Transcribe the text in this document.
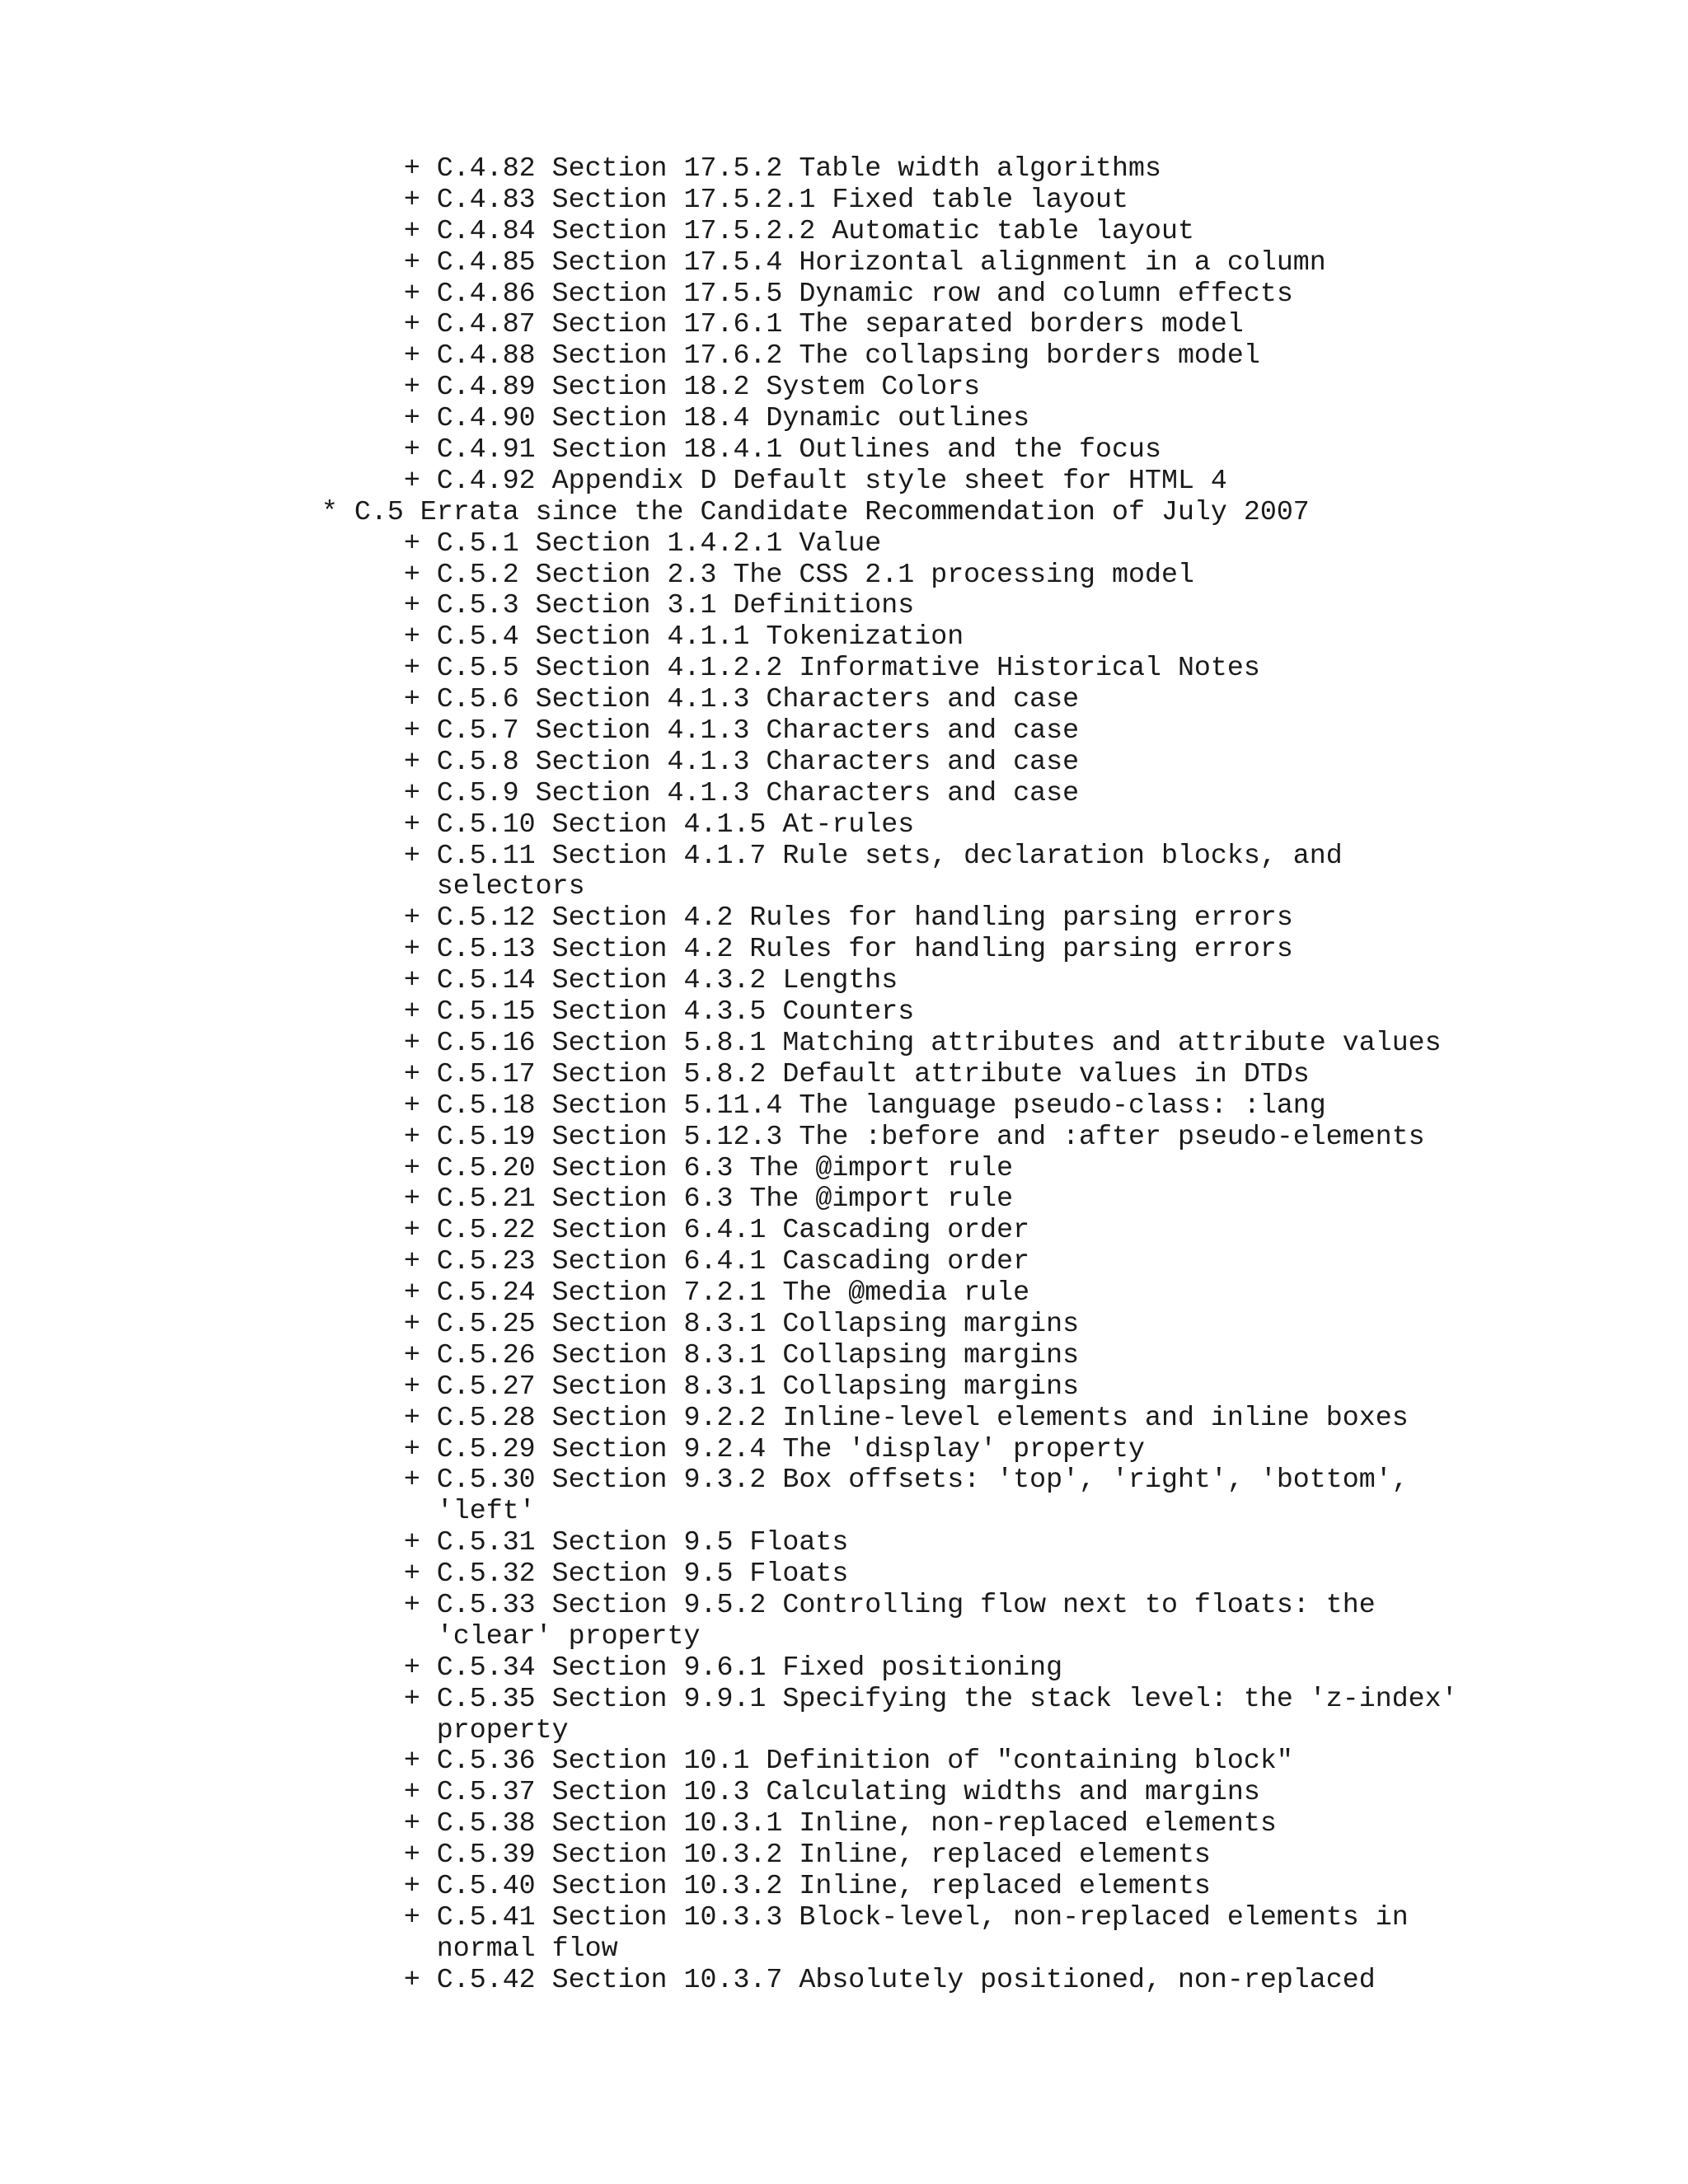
+ C.4.82 Section 17.5.2 Table width algorithms
+ C.4.83 Section 17.5.2.1 Fixed table layout
+ C.4.84 Section 17.5.2.2 Automatic table layout
+ C.4.85 Section 17.5.4 Horizontal alignment in a column
+ C.4.86 Section 17.5.5 Dynamic row and column effects
+ C.4.87 Section 17.6.1 The separated borders model
+ C.4.88 Section 17.6.2 The collapsing borders model
+ C.4.89 Section 18.2 System Colors
+ C.4.90 Section 18.4 Dynamic outlines
+ C.4.91 Section 18.4.1 Outlines and the focus
+ C.4.92 Appendix D Default style sheet for HTML 4
* C.5 Errata since the Candidate Recommendation of July 2007
+ C.5.1 Section 1.4.2.1 Value
+ C.5.2 Section 2.3 The CSS 2.1 processing model
+ C.5.3 Section 3.1 Definitions
+ C.5.4 Section 4.1.1 Tokenization
+ C.5.5 Section 4.1.2.2 Informative Historical Notes
+ C.5.6 Section 4.1.3 Characters and case
+ C.5.7 Section 4.1.3 Characters and case
+ C.5.8 Section 4.1.3 Characters and case
+ C.5.9 Section 4.1.3 Characters and case
+ C.5.10 Section 4.1.5 At-rules
+ C.5.11 Section 4.1.7 Rule sets, declaration blocks, and
selectors
+ C.5.12 Section 4.2 Rules for handling parsing errors
+ C.5.13 Section 4.2 Rules for handling parsing errors
+ C.5.14 Section 4.3.2 Lengths
+ C.5.15 Section 4.3.5 Counters
+ C.5.16 Section 5.8.1 Matching attributes and attribute values
+ C.5.17 Section 5.8.2 Default attribute values in DTDs
+ C.5.18 Section 5.11.4 The language pseudo-class: :lang
+ C.5.19 Section 5.12.3 The :before and :after pseudo-elements
+ C.5.20 Section 6.3 The @import rule
+ C.5.21 Section 6.3 The @import rule
+ C.5.22 Section 6.4.1 Cascading order
+ C.5.23 Section 6.4.1 Cascading order
+ C.5.24 Section 7.2.1 The @media rule
+ C.5.25 Section 8.3.1 Collapsing margins
+ C.5.26 Section 8.3.1 Collapsing margins
+ C.5.27 Section 8.3.1 Collapsing margins
+ C.5.28 Section 9.2.2 Inline-level elements and inline boxes
+ C.5.29 Section 9.2.4 The 'display' property
+ C.5.30 Section 9.3.2 Box offsets: 'top', 'right', 'bottom',
'left'
+ C.5.31 Section 9.5 Floats
+ C.5.32 Section 9.5 Floats
+ C.5.33 Section 9.5.2 Controlling flow next to floats: the
'clear' property
+ C.5.34 Section 9.6.1 Fixed positioning
+ C.5.35 Section 9.9.1 Specifying the stack level: the 'z-index'
property
+ C.5.36 Section 10.1 Definition of "containing block"
+ C.5.37 Section 10.3 Calculating widths and margins
+ C.5.38 Section 10.3.1 Inline, non-replaced elements
+ C.5.39 Section 10.3.2 Inline, replaced elements
+ C.5.40 Section 10.3.2 Inline, replaced elements
+ C.5.41 Section 10.3.3 Block-level, non-replaced elements in
normal flow
+ C.5.42 Section 10.3.7 Absolutely positioned, non-replaced
